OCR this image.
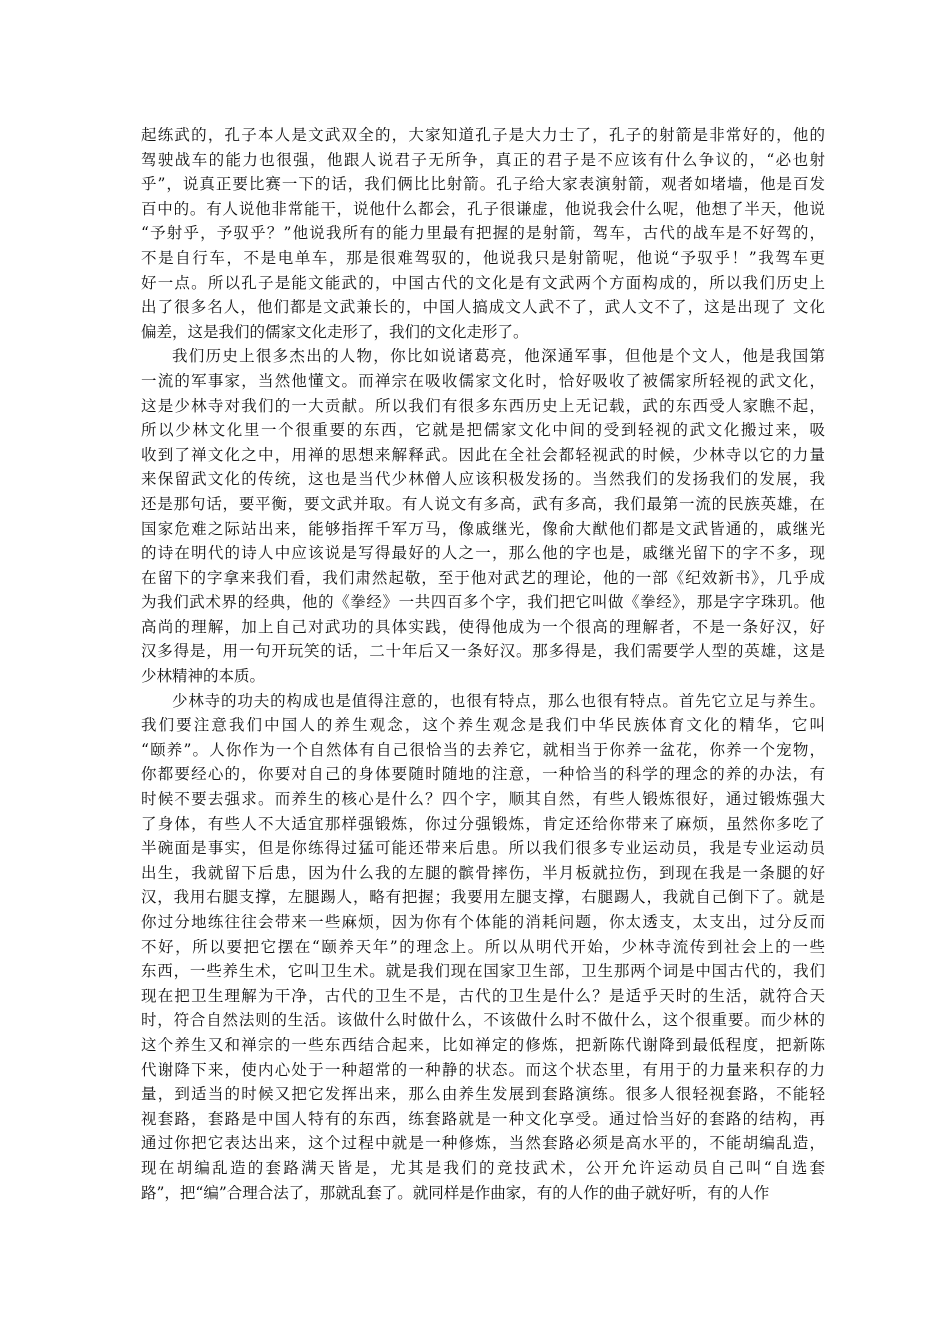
起练武的，孔子本人是文武双全的，大家知道孔子是大力士了，孔子的射箭是非常好的，他的
驾驶战车的能力也很强，他跟人说君子无所争，真正的君子是不应该有什么争议的，“必也射
乎”，说真正要比赛一下的话，我们俩比比射箭。孔子给大家表演射箭，观者如堵墙，他是百发
百中的。有人说他非常能干，说他什么都会，孔子很谦虚，他说我会什么呢，他想了半天，他说
“予射乎，予驭乎？”他说我所有的能力里最有把握的是射箭，驾车，古代的战车是不好驾的，
不是自行车，不是电单车，那是很难驾驭的，他说我只是射箭呢，他说“予驭乎！”我驾车更
好一点。所以孔子是能文能武的，中国古代的文化是有文武两个方面构成的，所以我们历史上
出了很多名人，他们都是文武兼长的，中国人搞成文人武不了，武人文不了，这是出现了 文化
偏差，这是我们的儒家文化走形了，我们的文化走形了。
我们历史上很多杰出的人物，你比如说诸葛亮，他深通军事，但他是个文人，他是我国第
一流的军事家，当然他懂文。而禅宗在吸收儒家文化时，恰好吸收了被儒家所轻视的武文化，
这是少林寺对我们的一大贡献。所以我们有很多东西历史上无记载，武的东西受人家瞧不起，
所以少林文化里一个很重要的东西，它就是把儒家文化中间的受到轻视的武文化搬过来，吸
收到了禅文化之中，用禅的思想来解释武。因此在全社会都轻视武的时候，少林寺以它的力量
来保留武文化的传统，这也是当代少林僧人应该积极发扬的。当然我们的发扬我们的发展，我
还是那句话，要平衡，要文武并取。有人说文有多高，武有多高，我们最第一流的民族英雄，在
国家危难之际站出来，能够指挥千军万马，像戚继光，像俞大猷他们都是文武皆通的，戚继光
的诗在明代的诗人中应该说是写得最好的人之一，那么他的字也是，戚继光留下的字不多，现
在留下的字拿来我们看，我们肃然起敬，至于他对武艺的理论，他的一部《纪效新书》，几乎成
为我们武术界的经典，他的《拳经》一共四百多个字，我们把它叫做《拳经》，那是字字珠玑。他
高尚的理解，加上自己对武功的具体实践，使得他成为一个很高的理解者，不是一条好汉，好
汉多得是，用一句开玩笑的话，二十年后又一条好汉。那多得是，我们需要学人型的英雄，这是
少林精神的本质。
少林寺的功夫的构成也是值得注意的，也很有特点，那么也很有特点。首先它立足与养生。
我们要注意我们中国人的养生观念，这个养生观念是我们中华民族体育文化的精华，它叫
“颐养”。人你作为一个自然体有自己很恰当的去养它，就相当于你养一盆花，你养一个宠物，
你都要经心的，你要对自己的身体要随时随地的注意，一种恰当的科学的理念的养的办法，有
时候不要去强求。而养生的核心是什么？四个字，顺其自然，有些人锻炼很好，通过锻炼强大
了身体，有些人不大适宜那样强锻炼，你过分强锻炼，肯定还给你带来了麻烦，虽然你多吃了
半碗面是事实，但是你练得过猛可能还带来后患。所以我们很多专业运动员，我是专业运动员
出生，我就留下后患，因为什么我的左腿的髌骨摔伤，半月板就拉伤，到现在我是一条腿的好
汉，我用右腿支撑，左腿踢人，略有把握；我要用左腿支撑，右腿踢人，我就自己倒下了。就是
你过分地练往往会带来一些麻烦，因为你有个体能的消耗问题，你太透支，太支出，过分反而
不好，所以要把它摆在“颐养天年”的理念上。所以从明代开始，少林寺流传到社会上的一些
东西，一些养生术，它叫卫生术。就是我们现在国家卫生部，卫生那两个词是中国古代的，我们
现在把卫生理解为干净，古代的卫生不是，古代的卫生是什么？是适乎天时的生活，就符合天
时，符合自然法则的生活。该做什么时做什么，不该做什么时不做什么，这个很重要。而少林的
这个养生又和禅宗的一些东西结合起来，比如禅定的修炼，把新陈代谢降到最低程度，把新陈
代谢降下来，使内心处于一种超常的一种静的状态。而这个状态里，有用于的力量来积存的力
量，到适当的时候又把它发挥出来，那么由养生发展到套路演练。很多人很轻视套路，不能轻
视套路，套路是中国人特有的东西，练套路就是一种文化享受。通过恰当好的套路的结构，再
通过你把它表达出来，这个过程中就是一种修炼，当然套路必须是高水平的，不能胡编乱造，
现在胡编乱造的套路满天皆是，尤其是我们的竞技武术，公开允许运动员自己叫“自选套
路”，把“编”合理合法了，那就乱套了。就同样是作曲家，有的人作的曲子就好听，有的人作
